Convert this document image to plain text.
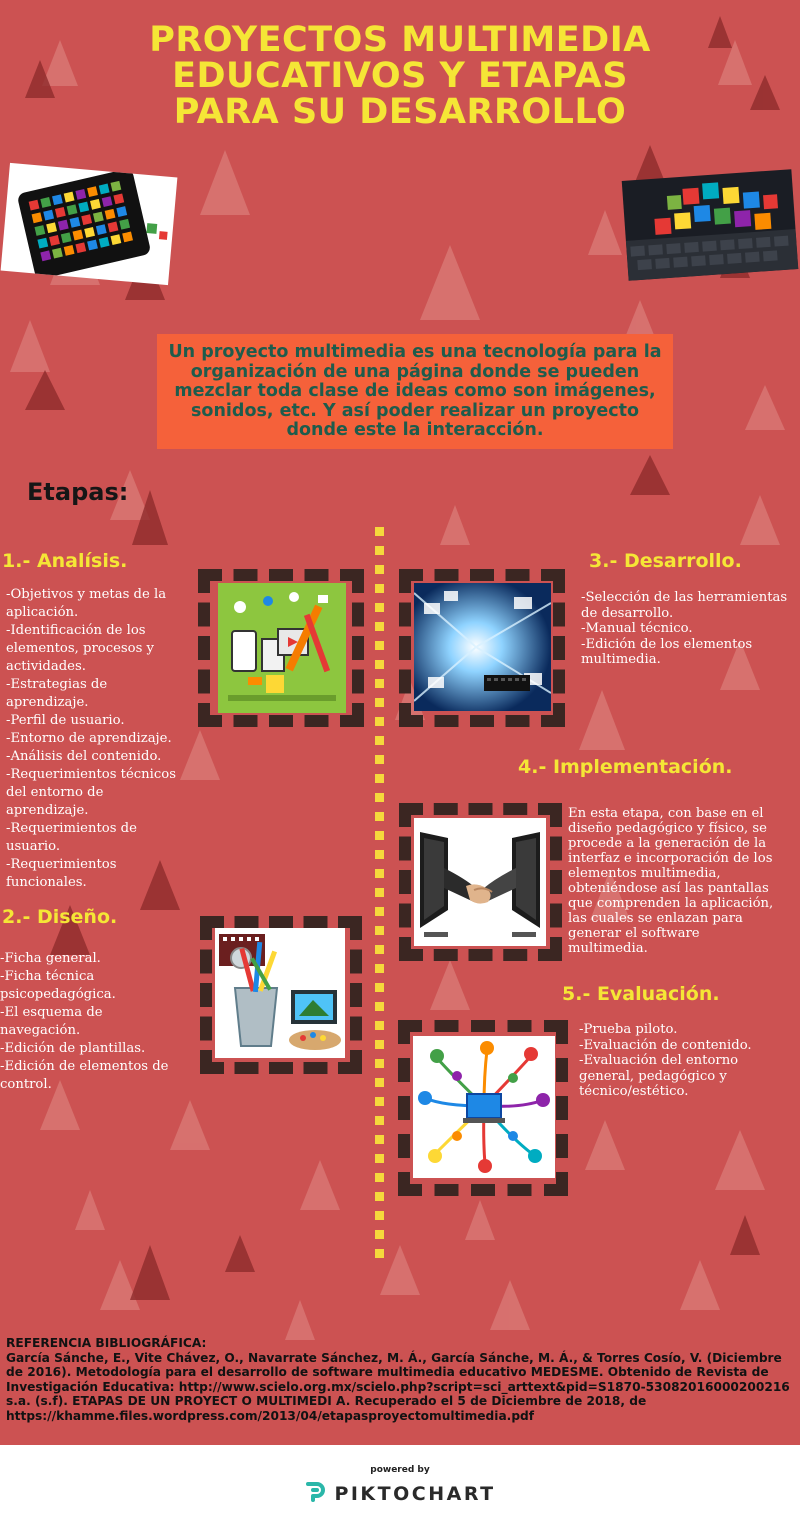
PROYECTOS MULTIMEDIA
EDUCATIVOS Y ETAPAS
PARA SU DESARROLLO
Un proyecto multimedia es una tecnología para la organización de una página donde se pueden mezclar toda clase de ideas como son imágenes, sonidos, etc. Y así poder realizar un proyecto donde este la interacción.
Etapas:
1.- Analísis.
-Objetivos y metas de la aplicación.
-Identificación de los elementos, procesos y actividades.
-Estrategias de aprendizaje.
-Perfil de usuario.
-Entorno de aprendizaje.
-Análisis del contenido.
-Requerimientos técnicos del entorno de aprendizaje.
-Requerimientos de usuario.
-Requerimientos funcionales.
2.- Diseño.
-Ficha general.
-Ficha técnica psicopedagógica.
-El esquema de navegación.
-Edición de plantillas.
-Edición de elementos de control.
3.- Desarrollo.
-Selección de las herramientas de desarrollo.
-Manual técnico.
-Edición de los elementos multimedia.
4.- Implementación.

En esta etapa, con base en el diseño pedagógico y físico, se procede a la generación de la interfaz e incorporación de los elementos multimedia, obteniéndose así las pantallas que comprenden la aplicación, las cuales se enlazan para generar el software multimedia.

5.- Evaluación.
-Prueba piloto.
-Evaluación de contenido.
-Evaluación del entorno general, pedagógico y técnico/estético.

REFERENCIA BIBLIOGRÁFICA:

García Sánche, E., Vite Chávez, O., Navarrate Sánchez, M. Á., García Sánche, M. Á., & Torres Cosío, V. (Diciembre de 2016). Metodología para el desarrollo de software multimedia educativo MEDESME. Obtenido de Revista de Investigación Educativa: http://www.scielo.org.mx/scielo.php?script=sci_arttext&pid=S1870-53082016000200216

s.a. (s.f). ETAPAS DE UN PROYECT O MULTIMEDI A. Recuperado el 5 de Diciembre de 2018, de https://khamme.files.wordpress.com/2013/04/etapasproyectomultimedia.pdf

powered by
PIKTOCHART
